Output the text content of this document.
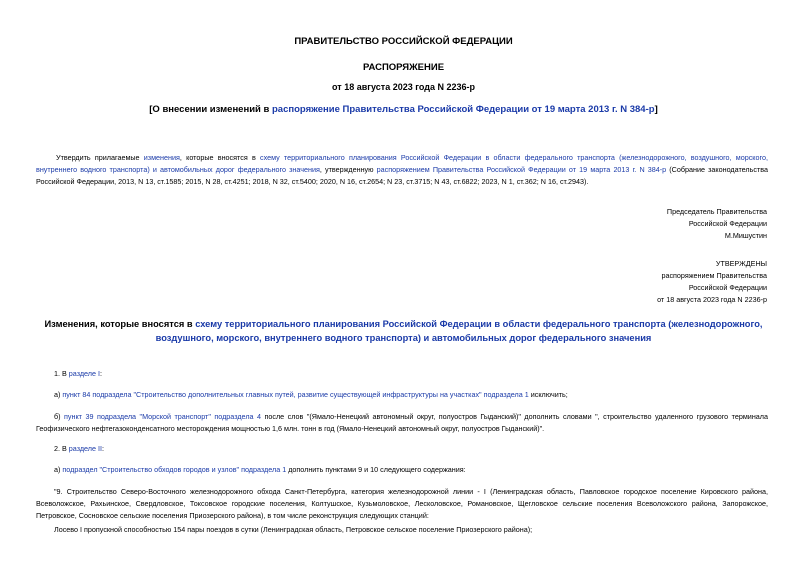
ПРАВИТЕЛЬСТВО РОССИЙСКОЙ ФЕДЕРАЦИИ
РАСПОРЯЖЕНИЕ
от 18 августа 2023 года N 2236-р
[О внесении изменений в распоряжение Правительства Российской Федерации от 19 марта 2013 г. N 384-р]
Утвердить прилагаемые изменения, которые вносятся в схему территориального планирования Российской Федерации в области федерального транспорта (железнодорожного, воздушного, морского, внутреннего водного транспорта) и автомобильных дорог федерального значения, утвержденную распоряжением Правительства Российской Федерации от 19 марта 2013 г. N 384-р (Собрание законодательства Российской Федерации, 2013, N 13, ст.1585; 2015, N 28, ст.4251; 2018, N 32, ст.5400; 2020, N 16, ст.2654; N 23, ст.3715; N 43, ст.6822; 2023, N 1, ст.362; N 16, ст.2943).
Председатель Правительства
Российской Федерации
М.Мишустин
УТВЕРЖДЕНЫ
распоряжением Правительства
Российской Федерации
от 18 августа 2023 года N 2236-р
Изменения, которые вносятся в схему территориального планирования Российской Федерации в области федерального транспорта (железнодорожного, воздушного, морского, внутреннего водного транспорта) и автомобильных дорог федерального значения
1. В разделе I:
а) пункт 84 подраздела "Строительство дополнительных главных путей, развитие существующей инфраструктуры на участках" подраздела 1 исключить;
б) пункт 39 подраздела "Морской транспорт" подраздела 4 после слов "(Ямало-Ненецкий автономный округ, полуостров Гыданский)" дополнить словами ", строительство удаленного грузового терминала Геофизического нефтегазоконденсатного месторождения мощностью 1,6 млн. тонн в год (Ямало-Ненецкий автономный округ, полуостров Гыданский)".
2. В разделе II:
а) подраздел "Строительство обходов городов и узлов" подраздела 1 дополнить пунктами 9 и 10 следующего содержания:
"9. Строительство Северо-Восточного железнодорожного обхода Санкт-Петербурга, категория железнодорожной линии - I (Ленинградская область, Павловское городское поселение Кировского района, Всеволожское, Рахьинское, Свердловское, Токсовское городские поселения, Колтушское, Кузьмоловское, Лесколовское, Романовское, Щегловское сельские поселения Всеволожского района, Запорожское, Петровское, Сосновское сельские поселения Приозерского района), в том числе реконструкция следующих станций:
Лосево I пропускной способностью 154 пары поездов в сутки (Ленинградская область, Петровское сельское поселение Приозерского района);
